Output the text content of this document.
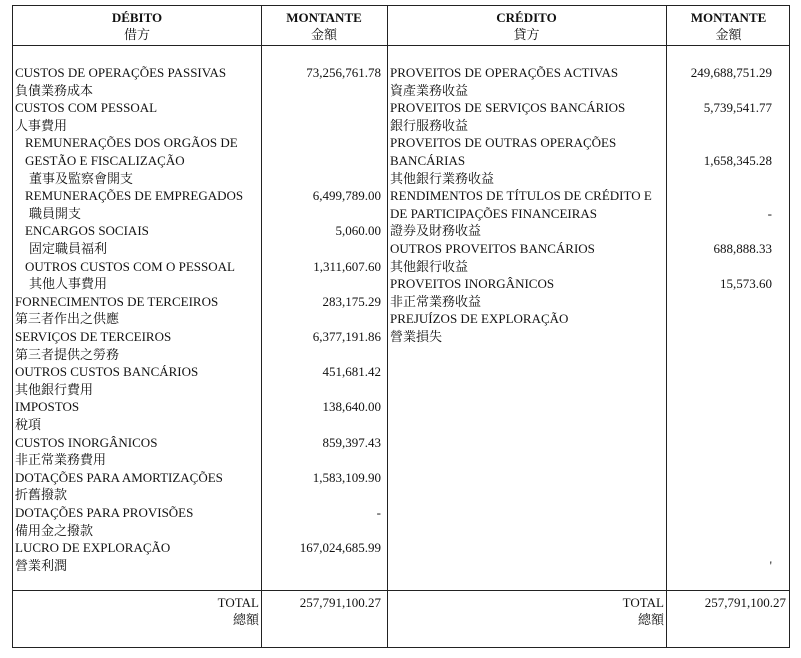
DÉBITO
借方
MONTANTE
金額
CRÉDITO
貸方
MONTANTE
金額
CUSTOS DE OPERAÇÕES PASSIVAS
負債業務成本
CUSTOS COM PESSOAL
人事費用
REMUNERAÇÕES DOS ORGÃOS DE
GESTÃO E FISCALIZAÇÃO
董事及監察會開支
REMUNERAÇÕES DE EMPREGADOS
職員開支
ENCARGOS SOCIAIS
固定職員福利
OUTROS CUSTOS COM O PESSOAL
其他人事費用
FORNECIMENTOS DE TERCEIROS
第三者作出之供應
SERVIÇOS DE TERCEIROS
第三者提供之勞務
OUTROS CUSTOS BANCÁRIOS
其他銀行費用
IMPOSTOS
稅項
CUSTOS INORGÂNICOS
非正常業務費用
DOTAÇÕES PARA AMORTIZAÇÕES
折舊撥款
DOTAÇÕES PARA PROVISÕES
備用金之撥款
LUCRO DE EXPLORAÇÃO
營業利潤
73,256,761.78
6,499,789.00
5,060.00
1,311,607.60
283,175.29
6,377,191.86
451,681.42
138,640.00
859,397.43
1,583,109.90
-
167,024,685.99
PROVEITOS DE OPERAÇÕES ACTIVAS
資產業務收益
PROVEITOS DE SERVIÇOS BANCÁRIOS
銀行服務收益
PROVEITOS DE OUTRAS OPERAÇÕES
BANCÁRIAS
其他銀行業務收益
RENDIMENTOS DE TÍTULOS DE CRÉDITO E
DE PARTICIPAÇÕES FINANCEIRAS
證券及財務收益
OUTROS PROVEITOS BANCÁRIOS
其他銀行收益
PROVEITOS INORGÂNICOS
非正常業務收益
PREJUÍZOS DE EXPLORAÇÃO
營業損失
249,688,751.29
5,739,541.77
1,658,345.28
-
688,888.33
15,573.60
'
TOTAL
總額
257,791,100.27	TOTAL
總額
257,791,100.27
